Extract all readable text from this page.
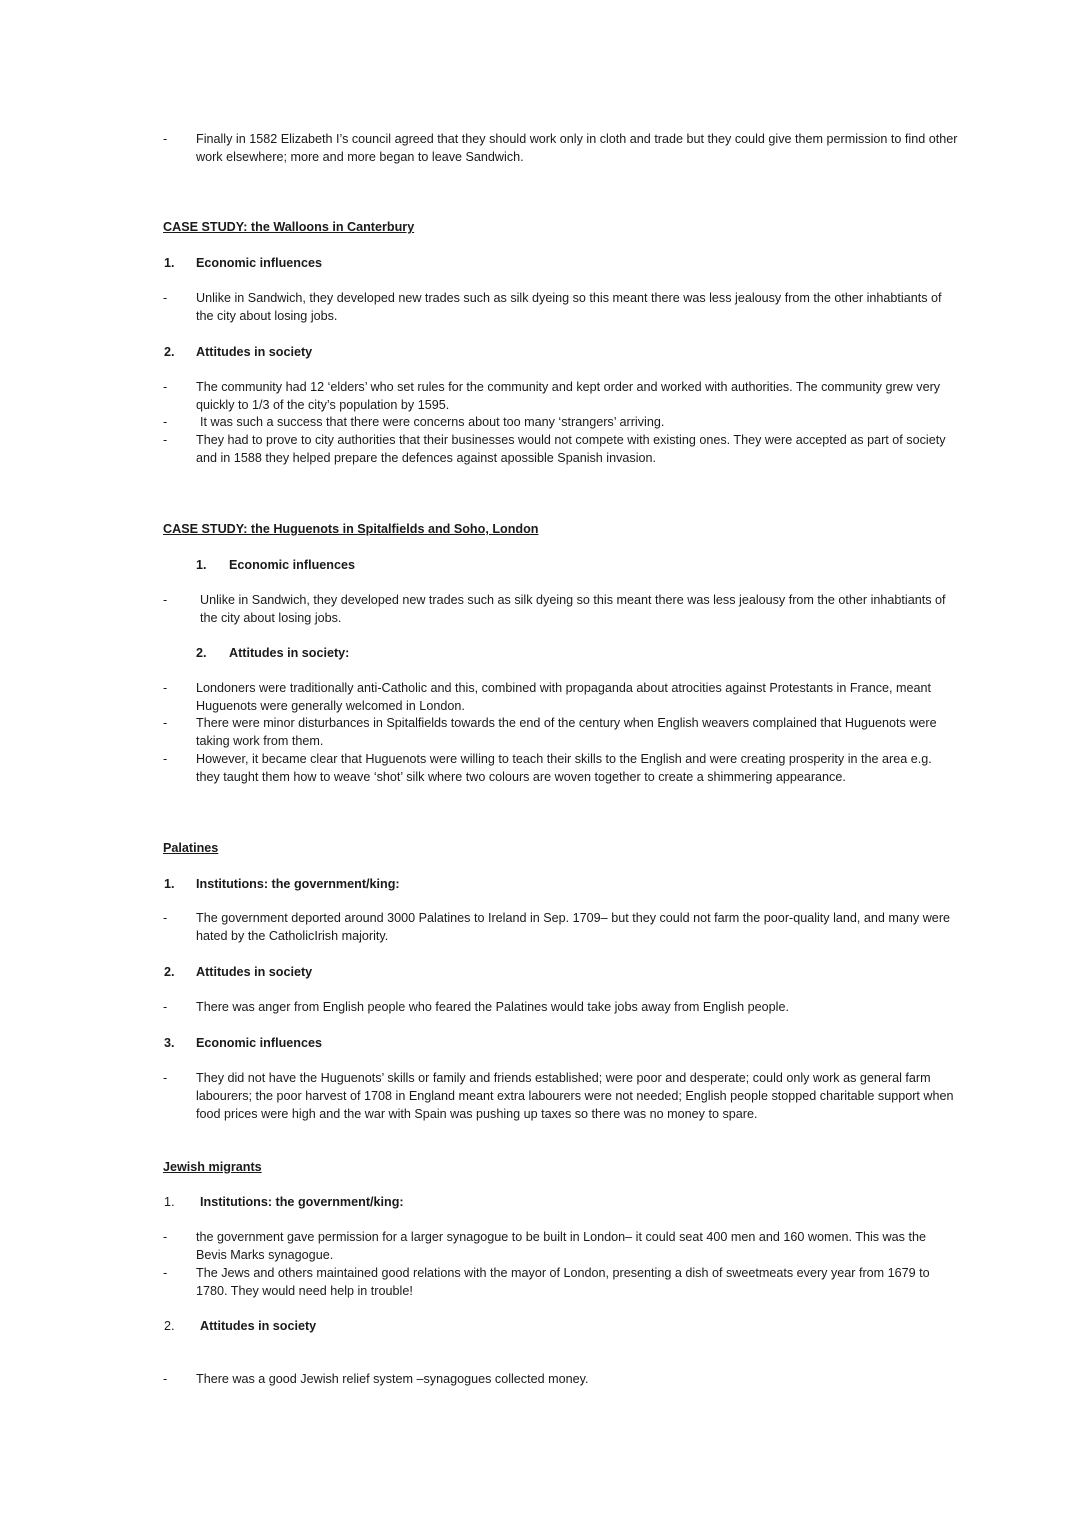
-	Finally in 1582 Elizabeth I’s council agreed that they should work only in cloth and trade but they could give them permission to find other work elsewhere; more and more began to leave Sandwich.
CASE STUDY: the Walloons in Canterbury
1. Economic influences
-	Unlike in Sandwich, they developed new trades such as silk dyeing so this meant there was less jealousy from the other inhabtiants of the city about losing jobs.
2. Attitudes in society
-	The community had 12 ‘elders’ who set rules for the community and kept order and worked with authorities. The community grew very quickly to 1/3 of the city’s population by 1595.
-	It was such a success that there were concerns about too many ‘strangers’ arriving.
-	They had to prove to city authorities that their businesses would not compete with existing ones. They were accepted as part of society and in 1588 they helped prepare the defences against apossible Spanish invasion.
CASE STUDY: the Huguenots in Spitalfields and Soho, London
1. Economic influences
-	Unlike in Sandwich, they developed new trades such as silk dyeing so this meant there was less jealousy from the other inhabtiants of the city about losing jobs.
2. Attitudes in society:
-	Londoners were traditionally anti-Catholic and this, combined with propaganda about atrocities against Protestants in France, meant Huguenots were generally welcomed in London.
-	There were minor disturbances in Spitalfields towards the end of the century when English weavers complained that Huguenots were taking work from them.
-	However, it became clear that Huguenots were willing to teach their skills to the English and were creating prosperity in the area e.g. they taught them how to weave ‘shot’ silk where two colours are woven together to create a shimmering appearance.
Palatines
1. Institutions: the government/king:
-	The government deported around 3000 Palatines to Ireland in Sep. 1709– but they could not farm the poor-quality land, and many were hated by the CatholicIrish majority.
2. Attitudes in society
-	There was anger from English people who feared the Palatines would take jobs away from English people.
3. Economic influences
-	They did not have the Huguenots’ skills or family and friends established; were poor and desperate; could only work as general farm labourers; the poor harvest of 1708 in England meant extra labourers were not needed; English people stopped charitable support when food prices were high and the war with Spain was pushing up taxes so there was no money to spare.
Jewish migrants
1. Institutions: the government/king:
-	the government gave permission for a larger synagogue to be built in London– it could seat 400 men and 160 women. This was the Bevis Marks synagogue.
-	The Jews and others maintained good relations with the mayor of London, presenting a dish of sweetmeats every year from 1679 to 1780. They would need help in trouble!
2. Attitudes in society
-	There was a good Jewish relief system –synagogues collected money.
